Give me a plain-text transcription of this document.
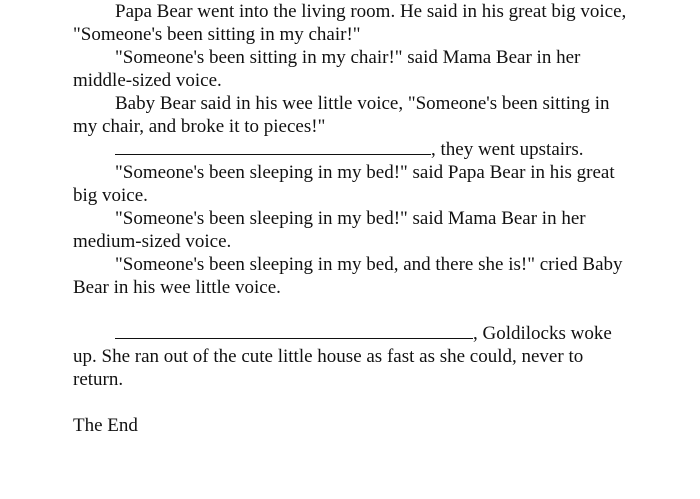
Papa Bear went into the living room. He said in his great big voice, "Someone's been sitting in my chair!"

"Someone's been sitting in my chair!" said Mama Bear in her middle-sized voice.

Baby Bear said in his wee little voice, "Someone's been sitting in my chair, and broke it to pieces!"

, they went upstairs.

"Someone's been sleeping in my bed!" said Papa Bear in his great big voice.

"Someone's been sleeping in my bed!" said Mama Bear in her medium-sized voice.

"Someone's been sleeping in my bed, and there she is!" cried Baby Bear in his wee little voice.

, Goldilocks woke up. She ran out of the cute little house as fast as she could, never to return.

The End
